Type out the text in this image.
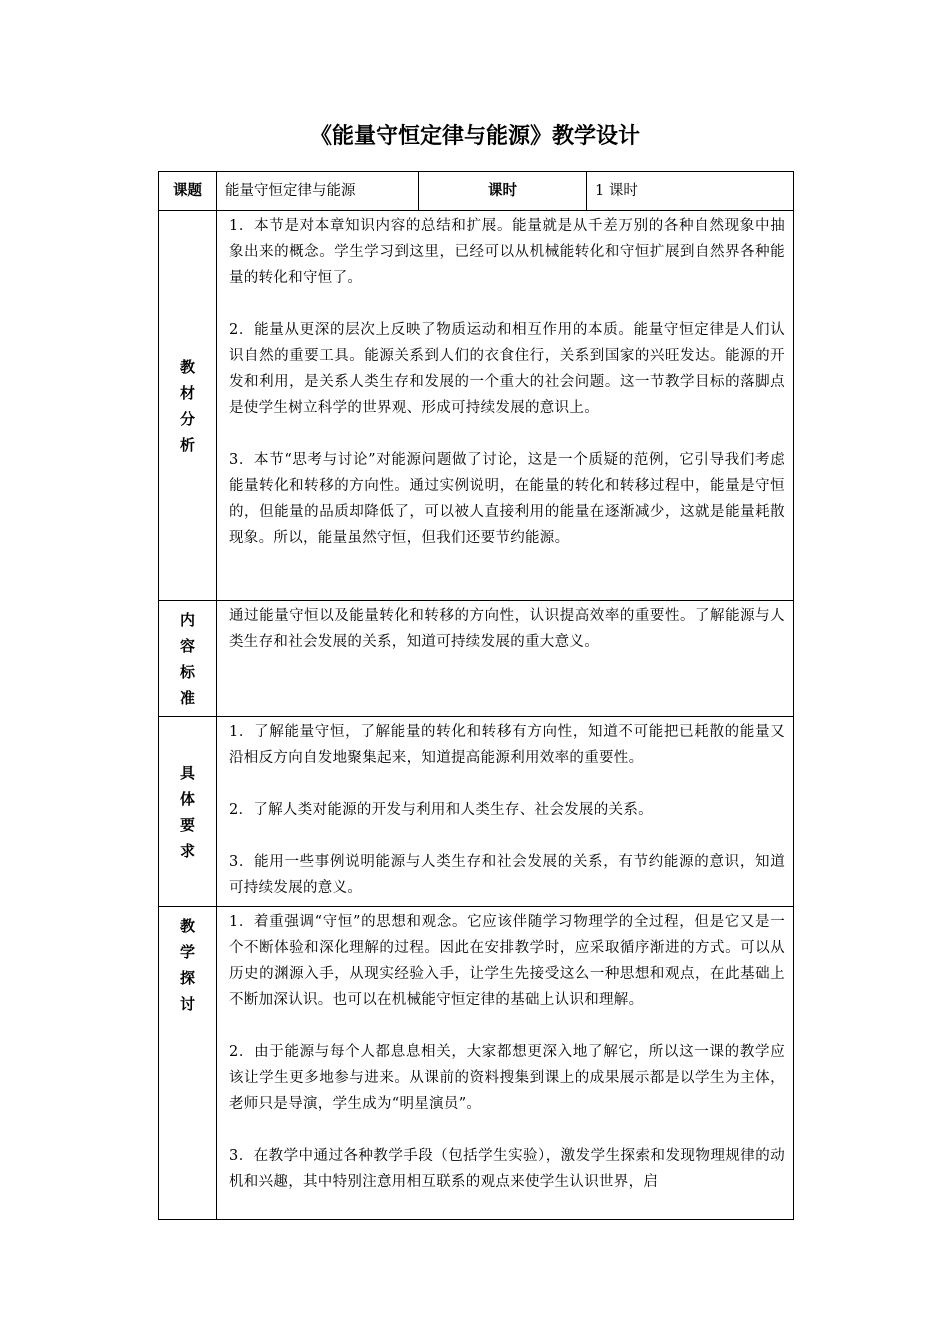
《能量守恒定律与能源》教学设计
课题	能量守恒定律与能源	课时	1 课时

教材分析	1．本节是对本章知识内容的总结和扩展。能量就是从千差万别的各种自然现象中抽象出来的概念。学生学习到这里，已经可以从机械能转化和守恒扩展到自然界各种能量的转化和守恒了。

2．能量从更深的层次上反映了物质运动和相互作用的本质。能量守恒定律是人们认识自然的重要工具。能源关系到人们的衣食住行，关系到国家的兴旺发达。能源的开发和利用，是关系人类生存和发展的一个重大的社会问题。这一节教学目标的落脚点是使学生树立科学的世界观、形成可持续发展的意识上。

3．本节“思考与讨论”对能源问题做了讨论，这是一个质疑的范例，它引导我们考虑能量转化和转移的方向性。通过实例说明，在能量的转化和转移过程中，能量是守恒的，但能量的品质却降低了，可以被人直接利用的能量在逐渐减少，这就是能量耗散现象。所以，能量虽然守恒，但我们还要节约能源。		

内容标准	通过能量守恒以及能量转化和转移的方向性，认识提高效率的重要性。了解能源与人类生存和社会发展的关系，知道可持续发展的重大意义。		

具体要求	1．了解能量守恒，了解能量的转化和转移有方向性，知道不可能把已耗散的能量又沿相反方向自发地聚集起来，知道提高能源利用效率的重要性。

2．了解人类对能源的开发与利用和人类生存、社会发展的关系。

3．能用一些事例说明能源与人类生存和社会发展的关系，有节约能源的意识，知道可持续发展的意义。		

教学探讨	1．着重强调“守恒”的思想和观念。它应该伴随学习物理学的全过程，但是它又是一个不断体验和深化理解的过程。因此在安排教学时，应采取循序渐进的方式。可以从历史的渊源入手，从现实经验入手，让学生先接受这么一种思想和观点，在此基础上不断加深认识。也可以在机械能守恒定律的基础上认识和理解。

2．由于能源与每个人都息息相关，大家都想更深入地了解它，所以这一课的教学应该让学生更多地参与进来。从课前的资料搜集到课上的成果展示都是以学生为主体，老师只是导演，学生成为“明星演员”。

3．在教学中通过各种教学手段（包括学生实验），激发学生探索和发现物理规律的动机和兴趣，其中特别注意用相互联系的观点来使学生认识世界，启		
